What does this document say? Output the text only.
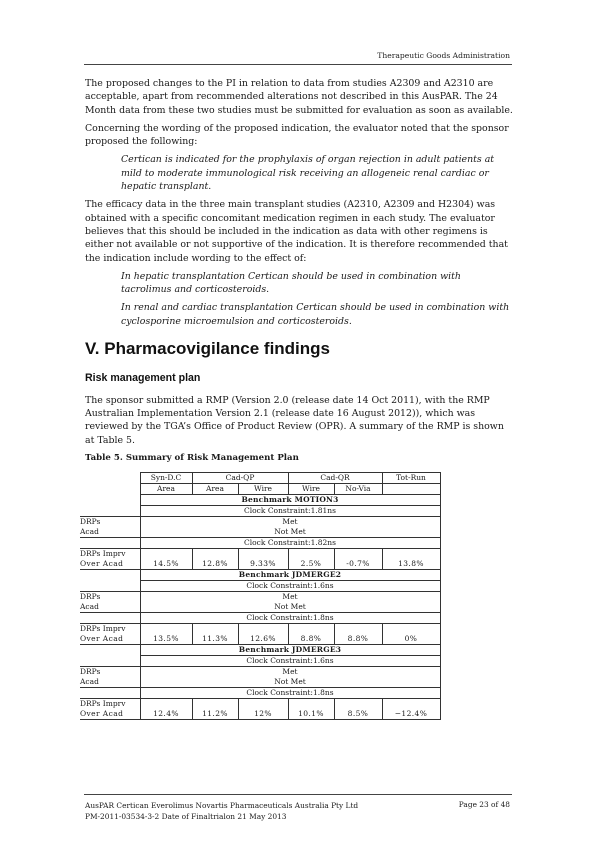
Therapeutic Goods Administration

The proposed changes to the PI in relation to data from studies A2309 and A2310 are acceptable, apart from recommended alterations not described in this AusPAR. The 24 Month data from these two studies must be submitted for evaluation as soon as available.

Concerning the wording of the proposed indication, the evaluator noted that the sponsor proposed the following:

Certican is indicated for the prophylaxis of organ rejection in adult patients at mild to moderate immunological risk receiving an allogeneic renal cardiac or hepatic transplant.

The efficacy data in the three main transplant studies (A2310, A2309 and H2304) was obtained with a specific concomitant medication regimen in each study. The evaluator believes that this should be included in the indication as data with other regimens is either not available or not supportive of the indication. It is therefore recommended that the indication include wording to the effect of:

In hepatic transplantation Certican should be used in combination with tacrolimus and corticosteroids.

In renal and cardiac transplantation Certican should be used in combination with cyclosporine microemulsion and corticosteroids.

V. Pharmacovigilance findings
Risk management plan

The sponsor submitted a RMP (Version 2.0 (release date 14 Oct 2011), with the RMP Australian Implementation Version 2.1 (release date 16 August 2012)), which was reviewed by the TGA’s Office of Product Review (OPR). A summary of the RMP is shown at Table 5.

Table 5. Summary of Risk Management Plan
	Syn-D.C	Cad-QP		Cad-QR		Tot-Run
	Area	Area	Wire	Wire	No-Via	
	Benchmark MOTION3					
	Clock Constraint:1.81ns					
DRPs	Met					
Acad	Not Met					
	Clock Constraint:1.82ns					
DRPs Imprv						
Over Acad	14.5%	12.8%	9.33%	2.5%	-0.7%	13.8%
	Benchmark JDMERGE2					
	Clock Constraint:1.6ns					
DRPs	Met					
Acad	Not Met					
	Clock Constraint:1.8ns					
DRPs Imprv						
Over Acad	13.5%	11.3%	12.6%	8.8%	8.8%	0%
	Benchmark JDMERGE3					
	Clock Constraint:1.6ns					
DRPs	Met					
Acad	Not Met					
	Clock Constraint:1.8ns					
DRPs Imprv						
Over Acad	12.4%	11.2%	12%	10.1%	8.5%	−12.4%
AusPAR Certican Everolimus Novartis Pharmaceuticals Australia Pty Ltd
PM-2011-03534-3-2 Date of Finaltrialon 21 May 2013
Page 23 of 48
